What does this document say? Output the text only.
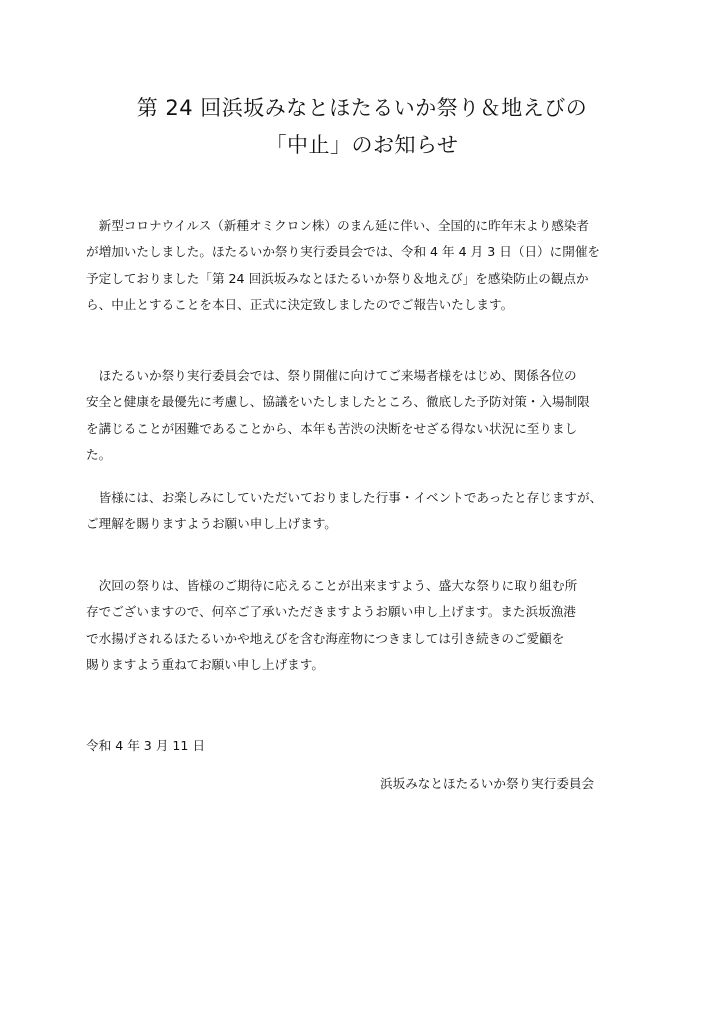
第 24 回浜坂みなとほたるいか祭り＆地えびの
「中止」のお知らせ
　新型コロナウイルス（新種オミクロン株）のまん延に伴い、全国的に昨年末より感染者
が増加いたしました。ほたるいか祭り実行委員会では、令和 4 年 4 月 3 日（日）に開催を
予定しておりました「第 24 回浜坂みなとほたるいか祭り＆地えび」を感染防止の観点か
ら、中止とすることを本日、正式に決定致しましたのでご報告いたします。
　ほたるいか祭り実行委員会では、祭り開催に向けてご来場者様をはじめ、関係各位の
安全と健康を最優先に考慮し、協議をいたしましたところ、徹底した予防対策・入場制限
を講じることが困難であることから、本年も苦渋の決断をせざる得ない状況に至りまし
た。
　皆様には、お楽しみにしていただいておりました行事・イベントであったと存じますが、
ご理解を賜りますようお願い申し上げます。
　次回の祭りは、皆様のご期待に応えることが出来ますよう、盛大な祭りに取り組む所
存でございますので、何卒ご了承いただきますようお願い申し上げます。また浜坂漁港
で水揚げされるほたるいかや地えびを含む海産物につきましては引き続きのご愛顧を
賜りますよう重ねてお願い申し上げます。
令和 4 年 3 月 11 日
浜坂みなとほたるいか祭り実行委員会
